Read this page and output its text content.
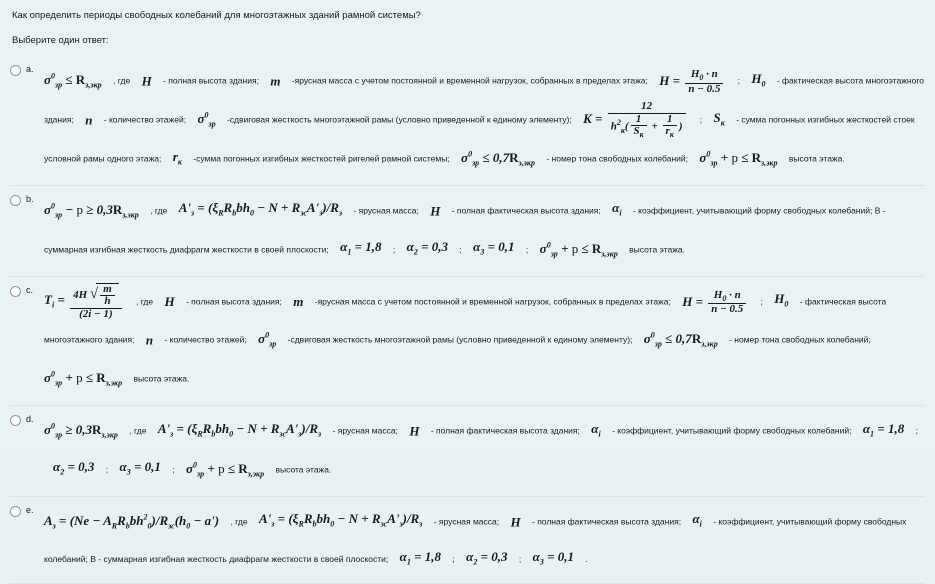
Как определить периоды свободных колебаний для многоэтажных зданий рамной системы?
Выберите один ответ:
a.
$\sigma^0_{зр} \le R_{з,экр}$ , где H - полная высота здания; m -ярусная масса с учетом постоянной и временной нагрузок, собранных в пределах этажа; $H = \frac{H_0 \cdot n}{n - 0.5}$ ; $H_0$ - фактическая высота многоэтажного здания; n - количество этажей; $\sigma^0_{зр}$ -сдвиговая жесткость многоэтажной рамы (условно приведенной к единому элементу); $K = \frac{12}{h^2_к( \frac{1}{S_к} + \frac{1}{r_к} )}$ ; $S_к$ - сумма погонных изгибных жесткостей стоек условной рамы одного этажа; $r_к$ -сумма погонных изгибных жесткостей ригелей рамной системы; $\sigma^0_{зр} \le 0,7R_{з,экр}$ - номер тона свободных колебаний; $\sigma^0_{зр} + p \le R_{з,экр}$ высота этажа.
b.
$\sigma^0_{зр} - p \ge 0,3R_{з,экр}$ , где $A'_з = (\xi_RR_bbh_0 - N + R_{зс}A'_з)/R_з$ - ярусная масса; H - полная фактическая высота здания; $\alpha_i$ - коэффициент, учитывающий форму свободных колебаний; В - суммарная изгибная жесткость диафрагм жесткости в своей плоскости; $\alpha_1 = 1,8$ ; $\alpha_2 = 0,3$ ; $\alpha_3 = 0,1$ ; $\sigma^0_{зр} + p \le R_{з,экр}$ высота этажа.
c.
$T_i = \frac{4H √ \frac{m}{h}}{(2i - 1)}$ , где H - полная высота здания; m -ярусная масса с учетом постоянной и временной нагрузок, собранных в пределах этажа; $H = \frac{H_0 \cdot n}{n - 0.5}$ ; $H_0$ - фактическая высота многоэтажного здания; n - количество этажей; $\sigma^0_{зр}$ -сдвиговая жесткость многоэтажной рамы (условно приведенной к единому элементу); $\sigma^0_{зр} \le 0,7R_{з,экр}$ - номер тона свободных колебаний; $\sigma^0_{зр} + p \le R_{з,экр}$ высота этажа.
d.
$\sigma^0_{зр} \ge 0,3R_{з,экр}$ , где $A'_з = (\xi_RR_bbh_0 - N + R_{зс}A'_з)/R_з$ - ярусная масса; H - полная фактическая высота здания; $\alpha_i$ - коэффициент, учитывающий форму свободных колебаний; $\alpha_1 = 1,8$ ; $\alpha_2 = 0,3$ ; $\alpha_3 = 0,1$ ; $\sigma^0_{зр} + p \le R_{з,экр}$ высота этажа.
e.
$A_з = (Ne - A_RR_bbh^2_0)/R_{зс}(h_0 - a')$ , где $A'_з = (\xi_RR_bbh_0 - N + R_{зс}A'_з)/R_з$ - ярусная масса; H - полная фактическая высота здания; $\alpha_i$ - коэффициент, учитывающий форму свободных колебаний; В - суммарная изгибная жесткость диафрагм жесткости в своей плоскости; $\alpha_1 = 1,8$ ; $\alpha_2 = 0,3$ ; $\alpha_3 = 0,1$ .
